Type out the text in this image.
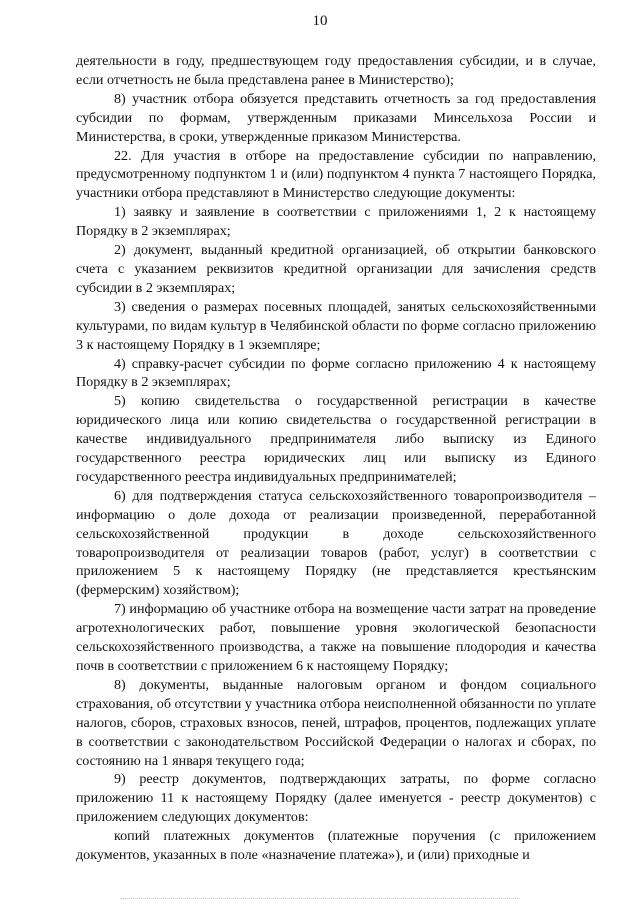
10

деятельности в году, предшествующем году предоставления субсидии, и в случае, если отчетность не была представлена ранее в Министерство);

8) участник отбора обязуется представить отчетность за год предоставления субсидии по формам, утвержденным приказами Минсельхоза России и Министерства, в сроки, утвержденные приказом Министерства.

22. Для участия в отборе на предоставление субсидии по направлению, предусмотренному подпунктом 1 и (или) подпунктом 4 пункта 7 настоящего Порядка, участники отбора представляют в Министерство следующие документы:

1) заявку и заявление в соответствии с приложениями 1, 2 к настоящему Порядку в 2 экземплярах;

2) документ, выданный кредитной организацией, об открытии банковского счета с указанием реквизитов кредитной организации для зачисления средств субсидии в 2 экземплярах;

3) сведения о размерах посевных площадей, занятых сельскохозяйственными культурами, по видам культур в Челябинской области по форме согласно приложению 3 к настоящему Порядку в 1 экземпляре;

4) справку-расчет субсидии по форме согласно приложению 4 к настоящему Порядку в 2 экземплярах;

5) копию свидетельства о государственной регистрации в качестве юридического лица или копию свидетельства о государственной регистрации в качестве индивидуального предпринимателя либо выписку из Единого государственного реестра юридических лиц или выписку из Единого государственного реестра индивидуальных предпринимателей;

6) для подтверждения статуса сельскохозяйственного товаропроизводителя – информацию о доле дохода от реализации произведенной, переработанной сельскохозяйственной продукции в доходе сельскохозяйственного товаропроизводителя от реализации товаров (работ, услуг) в соответствии с приложением 5 к настоящему Порядку (не представляется крестьянским (фермерским) хозяйством);

7) информацию об участнике отбора на возмещение части затрат на проведение агротехнологических работ, повышение уровня экологической безопасности сельскохозяйственного производства, а также на повышение плодородия и качества почв в соответствии с приложением 6 к настоящему Порядку;

8) документы, выданные налоговым органом и фондом социального страхования, об отсутствии у участника отбора неисполненной обязанности по уплате налогов, сборов, страховых взносов, пеней, штрафов, процентов, подлежащих уплате в соответствии с законодательством Российской Федерации о налогах и сборах, по состоянию на 1 января текущего года;

9) реестр документов, подтверждающих затраты, по форме согласно приложению 11 к настоящему Порядку (далее именуется - реестр документов) с приложением следующих документов:

копий платежных документов (платежные поручения (с приложением документов, указанных в поле «назначение платежа»), и (или) приходные и
